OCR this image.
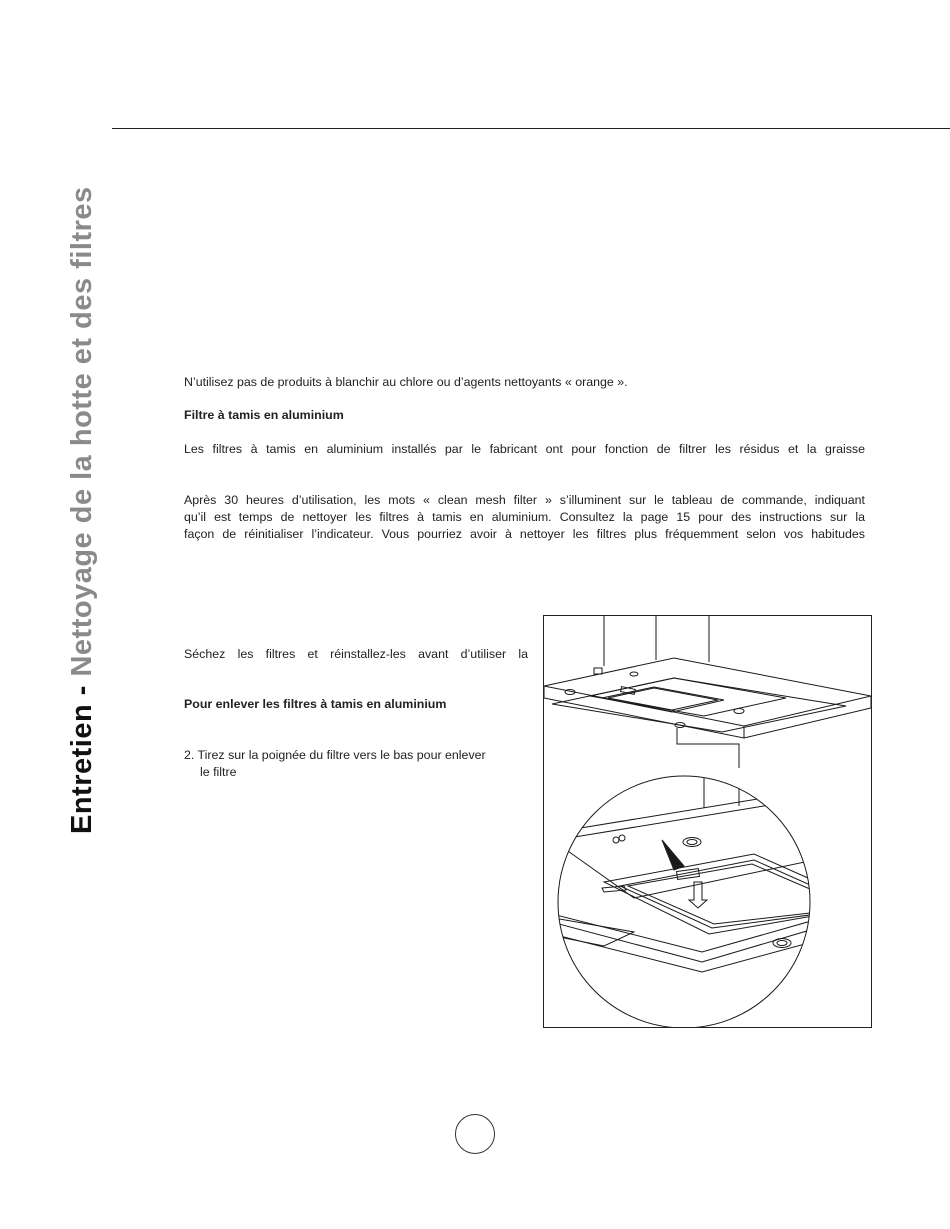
Entretien - Nettoyage de la hotte et des filtres	N’utilisez pas de produits à blanchir au chlore ou d’agents nettoyants « orange ».

Filtre à tamis en aluminium

Les filtres à tamis en aluminium installés par le fabricant ont pour fonction de filtrer les résidus et la graisse

Après 30 heures d’utilisation, les mots « clean mesh filter » s’illuminent sur le tableau de commande, indiquant

qu’il est temps de nettoyer les filtres à tamis en aluminium. Consultez la page 15 pour des instructions sur la

façon de réinitialiser l’indicateur. Vous pourriez avoir à nettoyer les filtres plus fréquemment selon vos habitudes

Séchez les filtres et réinstallez-les avant d’utiliser la

Pour enlever les filtres à tamis en aluminium

2. Tirez sur la poignée du filtre vers le bas pour enlever

le filtre
